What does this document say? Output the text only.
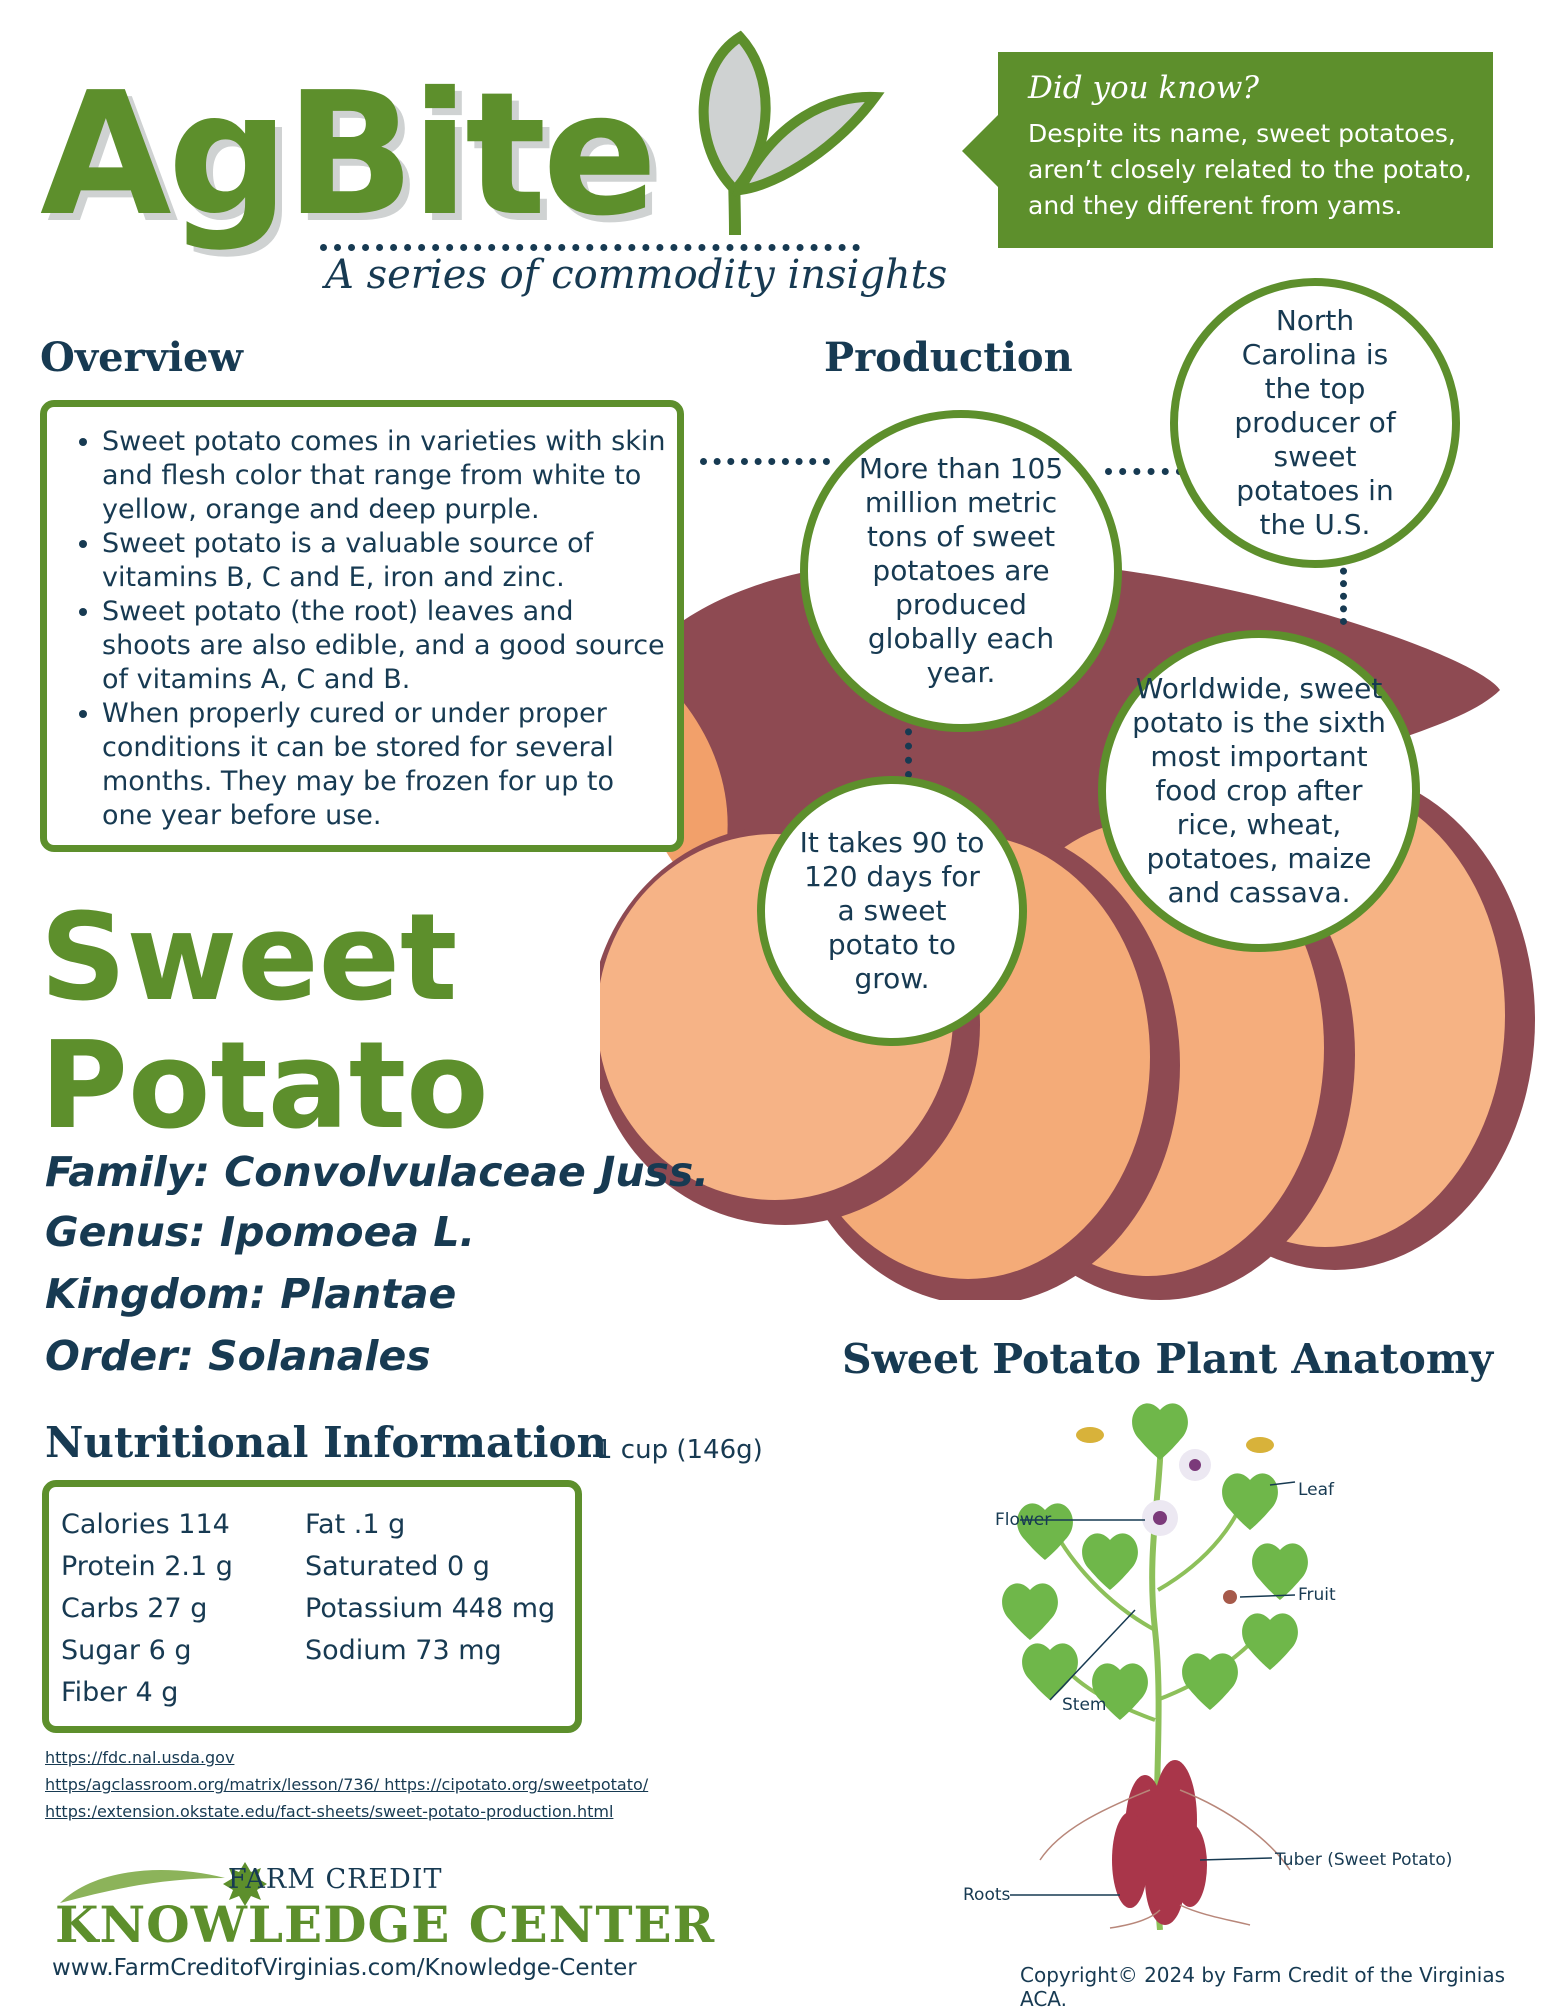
AgBite
A series of commodity insights
Did you know?
Despite its name, sweet potatoes, aren’t closely related to the potato, and they different from yams.
Overview	Production
• Sweet potato comes in varieties with skin and flesh color that range from white to yellow, orange and deep purple.
• Sweet potato is a valuable source of vitamins B, C and E, iron and zinc.
• Sweet potato (the root) leaves and shoots are also edible, and a good source of vitamins A, C and B.
• When properly cured or under proper conditions it can be stored for several months. They may be frozen for up to one year before use.
More than 105 million metric tons of sweet potatoes are produced globally each year.
North Carolina is the top producer of sweet potatoes in the U.S.
Worldwide, sweet potato is the sixth most important food crop after rice, wheat, potatoes, maize and cassava.
It takes 90 to 120 days for a sweet potato to grow.
Sweet
Potato
Family: Convolvulaceae Juss.
Genus: Ipomoea L.
Kingdom: Plantae
Order: Solanales
Nutritional Information
1 cup (146g)
Calories 114
Protein 2.1 g
Carbs 27 g
Sugar 6 g
Fiber 4 g
Fat .1 g
Saturated 0 g
Potassium 448 mg
Sodium 73 mg
https://fdc.nal.usda.gov
https/agclassroom.org/matrix/lesson/736/ https://cipotato.org/sweetpotato/
https:/extension.okstate.edu/fact-sheets/sweet-potato-production.html
FARM CREDIT
KNOWLEDGE CENTER
www.FarmCreditofVirginias.com/Knowledge-Center	Copyright© 2024 by Farm Credit of the Virginias ACA.
Sweet Potato Plant Anatomy
Flower
Leaf
Fruit
Stem
Tuber (Sweet Potato)
Roots
